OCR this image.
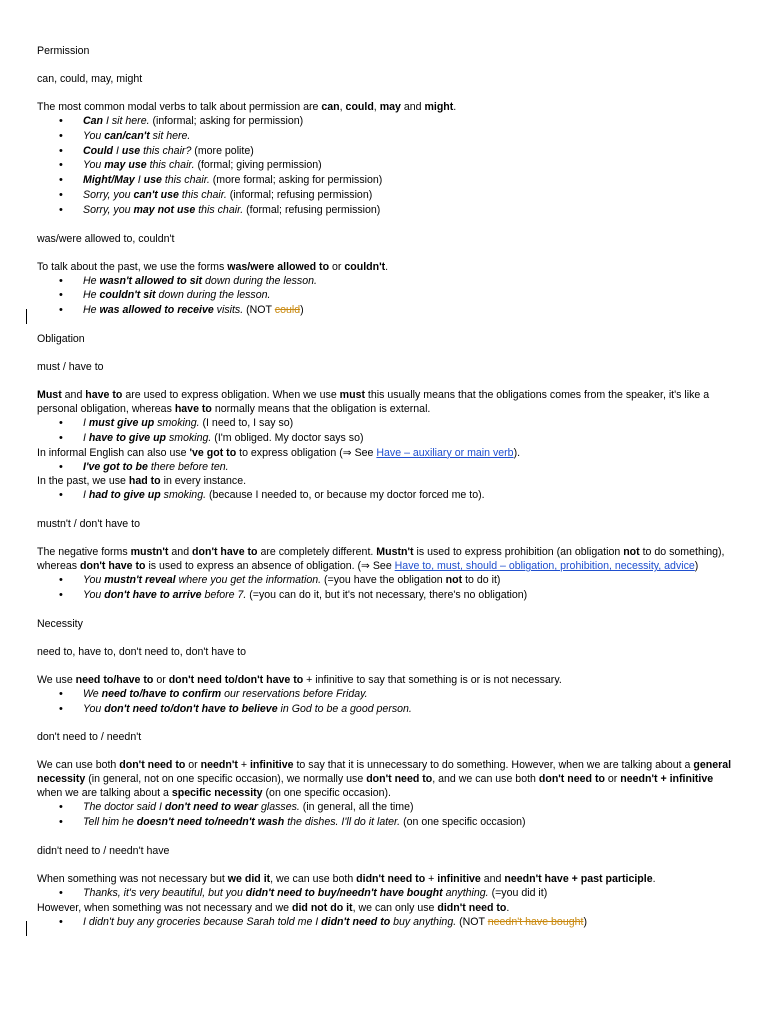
Permission

can, could, may, might

The most common modal verbs to talk about permission are can, could, may and might.

• Can I sit here. (informal; asking for permission)
• You can/can't sit here.
• Could I use this chair? (more polite)
• You may use this chair. (formal; giving permission)
• Might/May I use this chair. (more formal; asking for permission)
• Sorry, you can't use this chair. (informal; refusing permission)
• Sorry, you may not use this chair. (formal; refusing permission)

was/were allowed to, couldn't

To talk about the past, we use the forms was/were allowed to or couldn't.

• He wasn't allowed to sit down during the lesson.
• He couldn't sit down during the lesson.
• He was allowed to receive visits. (NOT could)

Obligation

must / have to

Must and have to are used to express obligation. When we use must this usually means that the obligations comes from the speaker, it's like a personal obligation, whereas have to normally means that the obligation is external.

• I must give up smoking. (I need to, I say so)
• I have to give up smoking. (I'm obliged. My doctor says so)

In informal English can also use 've got to to express obligation (⇒ See Have – auxiliary or main verb).

• I've got to be there before ten.

In the past, we use had to in every instance.

• I had to give up smoking. (because I needed to, or because my doctor forced me to).

mustn't / don't have to

The negative forms mustn't and don't have to are completely different. Mustn't is used to express prohibition (an obligation not to do something), whereas don't have to is used to express an absence of obligation. (⇒ See Have to, must, should – obligation, prohibition, necessity, advice)

• You mustn't reveal where you get the information. (=you have the obligation not to do it)
• You don't have to arrive before 7. (=you can do it, but it's not necessary, there's no obligation)

Necessity

need to, have to, don't need to, don't have to

We use need to/have to or don't need to/don't have to + infinitive to say that something is or is not necessary.

• We need to/have to confirm our reservations before Friday.
• You don't need to/don't have to believe in God to be a good person.

don't need to / needn't

We can use both don't need to or needn't + infinitive to say that it is unnecessary to do something. However, when we are talking about a general necessity (in general, not on one specific occasion), we normally use don't need to, and we can use both don't need to or needn't + infinitive when we are talking about a specific necessity (on one specific occasion).

• The doctor said I don't need to wear glasses. (in general, all the time)
• Tell him he doesn't need to/needn't wash the dishes. I'll do it later. (on one specific occasion)

didn't need to / needn't have

When something was not necessary but we did it, we can use both didn't need to + infinitive and needn't have + past participle.

• Thanks, it's very beautiful, but you didn't need to buy/needn't have bought anything. (=you did it)

However, when something was not necessary and we did not do it, we can only use didn't need to.

• I didn't buy any groceries because Sarah told me I didn't need to buy anything. (NOT needn't have bought)
